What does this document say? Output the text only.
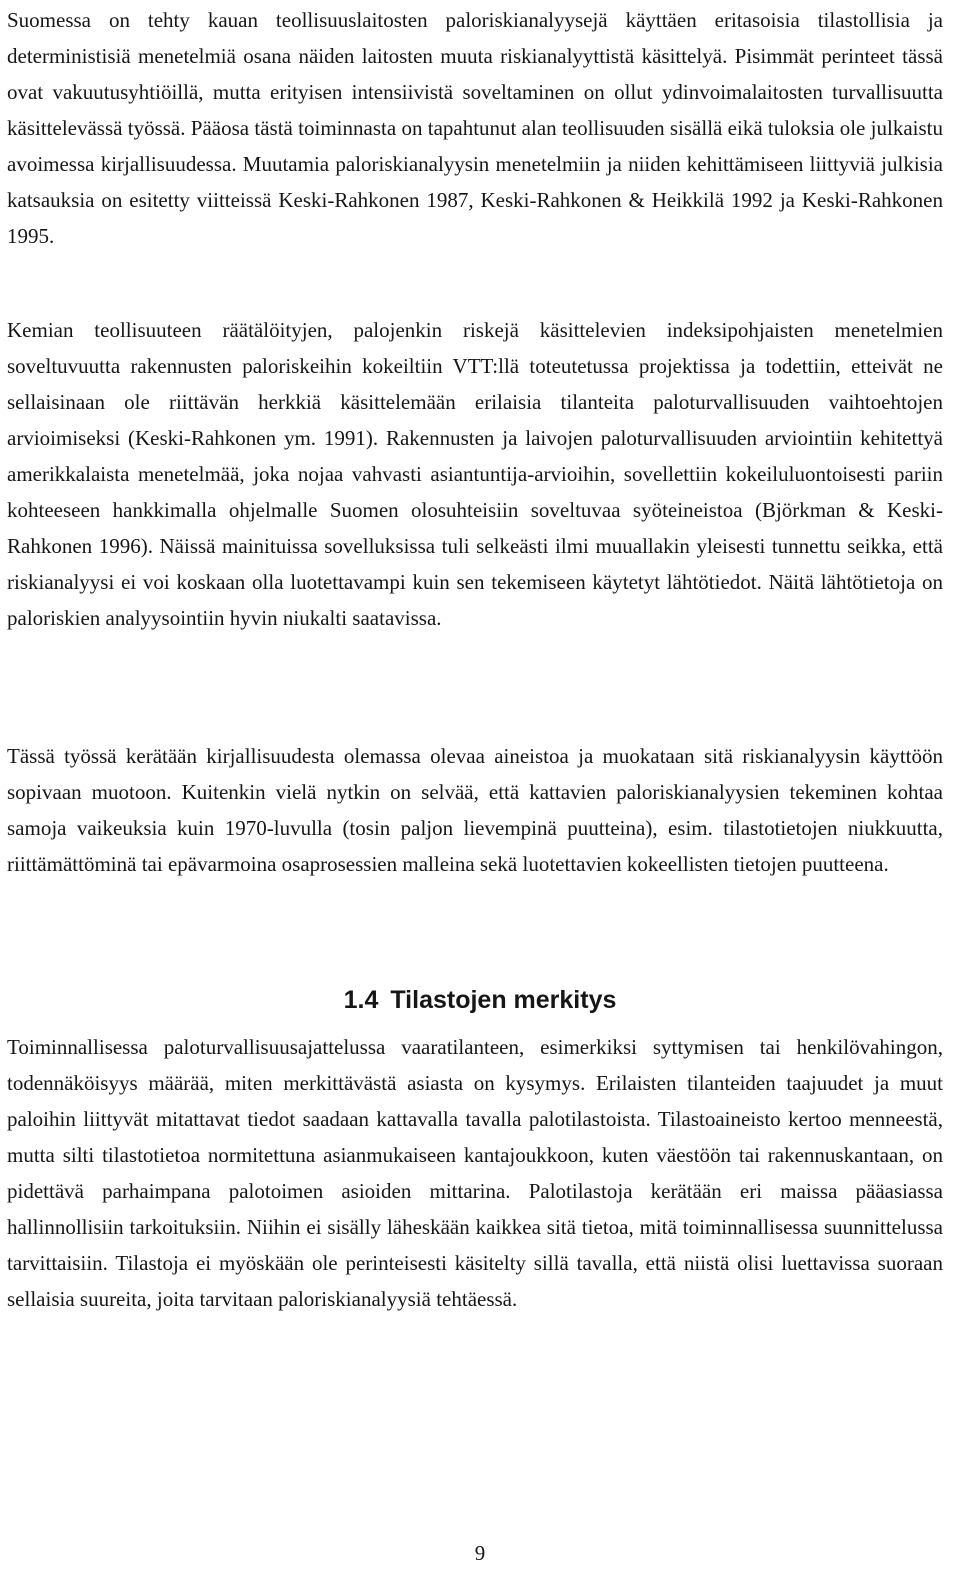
Suomessa on tehty kauan teollisuuslaitosten paloriskianalyysejä käyttäen eritasoisia tilastollisia ja deterministisiä menetelmiä osana näiden laitosten muuta riskianalyyttistä käsittelyä. Pisimmät perinteet tässä ovat vakuutusyhtiöillä, mutta erityisen intensiivistä soveltaminen on ollut ydinvoimalaitosten turvallisuutta käsittelevässä työssä. Pääosa tästä toiminnasta on tapahtunut alan teollisuuden sisällä eikä tuloksia ole julkaistu avoimessa kirjallisuudessa. Muutamia paloriskianalyysin menetelmiin ja niiden kehittämiseen liittyviä julkisia katsauksia on esitetty viitteissä Keski-Rahkonen 1987, Keski-Rahkonen & Heikkilä 1992 ja Keski-Rahkonen 1995.

Kemian teollisuuteen räätälöityjen, palojenkin riskejä käsittelevien indeksipohjaisten menetelmien soveltuvuutta rakennusten paloriskeihin kokeiltiin VTT:llä toteutetussa projektissa ja todettiin, etteivät ne sellaisinaan ole riittävän herkkiä käsittelemään erilaisia tilanteita paloturvallisuuden vaihtoehtojen arvioimiseksi (Keski-Rahkonen ym. 1991). Rakennusten ja laivojen paloturvallisuuden arviointiin kehitettyä amerikkalaista menetelmää, joka nojaa vahvasti asiantuntija-arvioihin, sovellettiin kokeiluluontoisesti pariin kohteeseen hankkimalla ohjelmalle Suomen olosuhteisiin soveltuvaa syöteineistoa (Björkman & Keski-Rahkonen 1996). Näissä mainituissa sovelluksissa tuli selkeästi ilmi muuallakin yleisesti tunnettu seikka, että riskianalyysi ei voi koskaan olla luotettavampi kuin sen tekemiseen käytetyt lähtötiedot. Näitä lähtötietoja on paloriskien analyysointiin hyvin niukalti saatavissa.

Tässä työssä kerätään kirjallisuudesta olemassa olevaa aineistoa ja muokataan sitä riskianalyysin käyttöön sopivaan muotoon. Kuitenkin vielä nytkin on selvää, että kattavien paloriskianalyysien tekeminen kohtaa samoja vaikeuksia kuin 1970-luvulla (tosin paljon lievempinä puutteina), esim. tilastotietojen niukkuutta, riittämättöminä tai epävarmoina osaprosessien malleina sekä luotettavien kokeellisten tietojen puutteena.

1.4 Tilastojen merkitys

Toiminnallisessa paloturvallisuusajattelussa vaaratilanteen, esimerkiksi syttymisen tai henkilövahingon, todennäköisyys määrää, miten merkittävästä asiasta on kysymys. Erilaisten tilanteiden taajuudet ja muut paloihin liittyvät mitattavat tiedot saadaan kattavalla tavalla palotilastoista. Tilastoaineisto kertoo menneestä, mutta silti tilastotietoa normitettuna asianmukaiseen kantajoukkoon, kuten väestöön tai rakennuskantaan, on pidettävä parhaimpana palotoimen asioiden mittarina. Palotilastoja kerätään eri maissa pääasiassa hallinnollisiin tarkoituksiin. Niihin ei sisälly läheskään kaikkea sitä tietoa, mitä toiminnallisessa suunnittelussa tarvittaisiin. Tilastoja ei myöskään ole perinteisesti käsitelty sillä tavalla, että niistä olisi luettavissa suoraan sellaisia suureita, joita tarvitaan paloriskianalyysiä tehtäessä.

9
